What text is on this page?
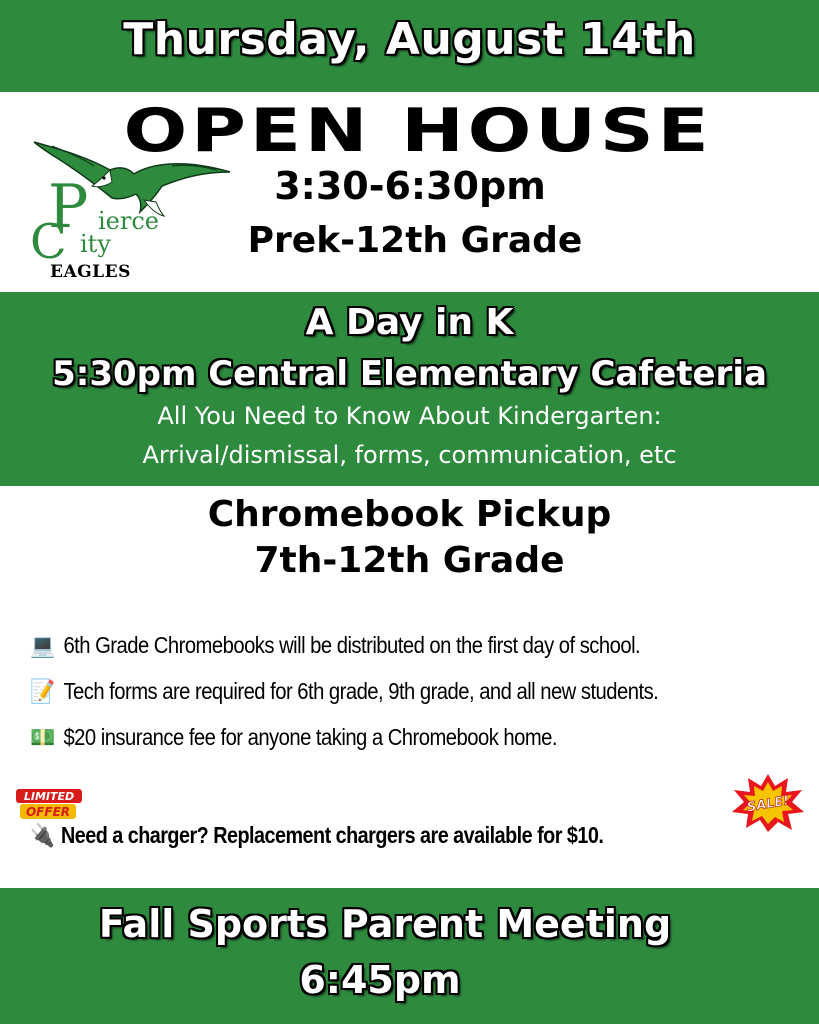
Thursday, August 14th
OPEN HOUSE
3:30-6:30pm
Prek-12th Grade
P ierce
C ity
EAGLES
A Day in K
5:30pm Central Elementary Cafeteria
All You Need to Know About Kindergarten:
Arrival/dismissal, forms, communication, etc
Chromebook Pickup
7th-12th Grade
💻 6th Grade Chromebooks will be distributed on the first day of school.
📝 Tech forms are required for 6th grade, 9th grade, and all new students.
💵 $20 insurance fee for anyone taking a Chromebook home.
LIMITED
OFFER	SALE!
🔌 Need a charger? Replacement chargers are available for $10.
Fall Sports Parent Meeting
6:45pm
